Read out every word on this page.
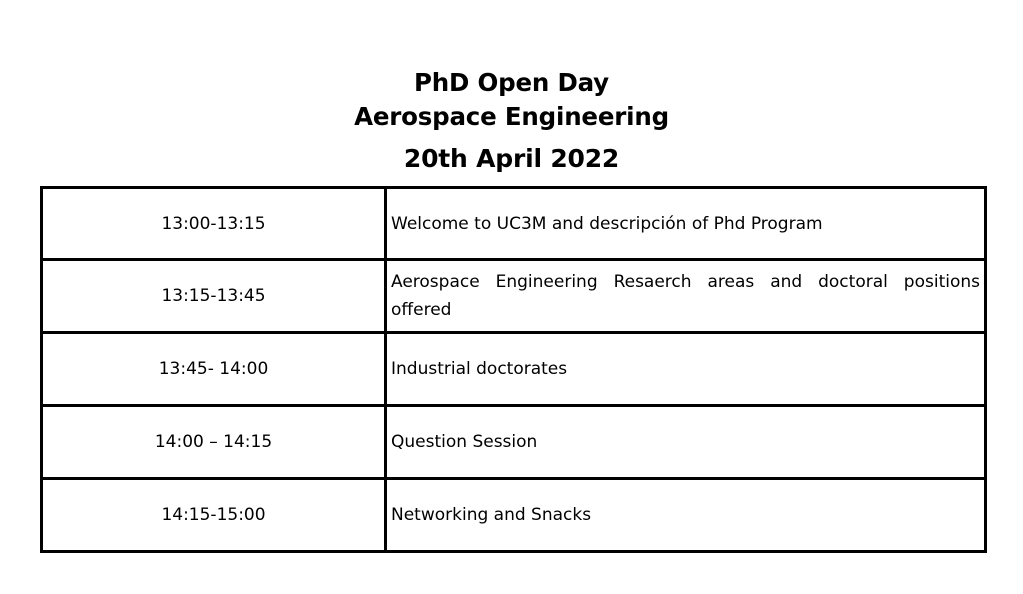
PhD Open Day
Aerospace Engineering
20th April 2022
13:00-13:15	Welcome to UC3M and descripción of Phd Program
13:15-13:45	Aerospace Engineering Resaerch areas and doctoral positions offered
13:45- 14:00	Industrial doctorates
14:00 – 14:15	Question Session
14:15-15:00	Networking and Snacks
